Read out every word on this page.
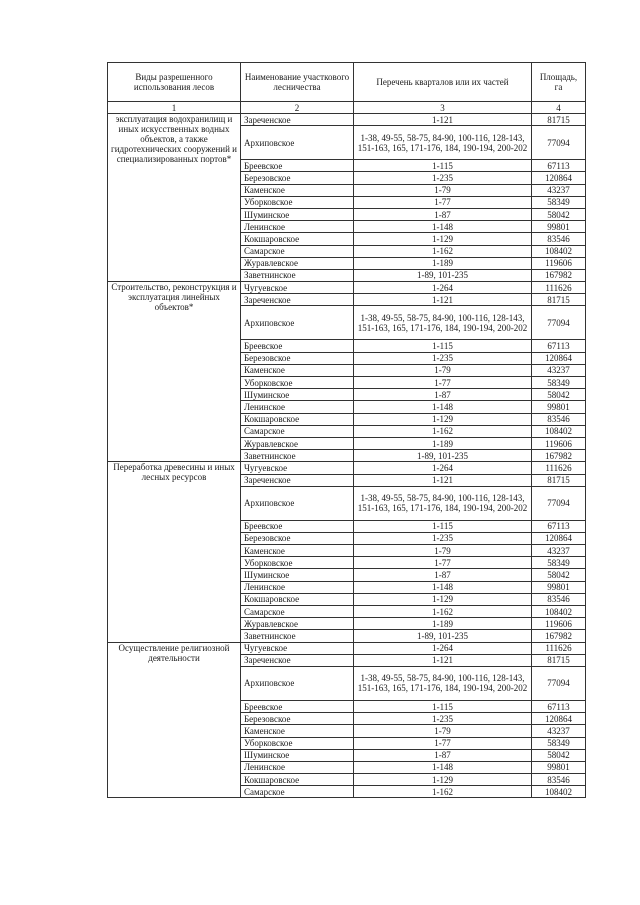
Виды разрешенного использования лесов	Наименование участкового лесничества	Перечень кварталов или их частей	Площадь, га
1	2	3	4
эксплуатация водохранилищ и иных искусственных водных объектов, а также гидротехнических сооружений и специализированных портов*	Зареченское	1-121	81715
	Архиповское	1-38, 49-55, 58-75, 84-90, 100-116, 128-143, 151-163, 165, 171-176, 184, 190-194, 200-202	77094
	Бреевское	1-115	67113
	Березовское	1-235	120864
	Каменское	1-79	43237
	Уборковское	1-77	58349
	Шуминское	1-87	58042
	Ленинское	1-148	99801
	Кокшаровское	1-129	83546
	Самарское	1-162	108402
	Журавлевское	1-189	119606
	Заветнинское	1-89, 101-235	167982
Строительство, реконструкция и эксплуатация линейных объектов*	Чугуевское	1-264	111626
	Зареченское	1-121	81715
	Архиповское	1-38, 49-55, 58-75, 84-90, 100-116, 128-143, 151-163, 165, 171-176, 184, 190-194, 200-202	77094
	Бреевское	1-115	67113
	Березовское	1-235	120864
	Каменское	1-79	43237
	Уборковское	1-77	58349
	Шуминское	1-87	58042
	Ленинское	1-148	99801
	Кокшаровское	1-129	83546
	Самарское	1-162	108402
	Журавлевское	1-189	119606
	Заветнинское	1-89, 101-235	167982
Переработка древесины и иных лесных ресурсов	Чугуевское	1-264	111626
	Зареченское	1-121	81715
	Архиповское	1-38, 49-55, 58-75, 84-90, 100-116, 128-143, 151-163, 165, 171-176, 184, 190-194, 200-202	77094
	Бреевское	1-115	67113
	Березовское	1-235	120864
	Каменское	1-79	43237
	Уборковское	1-77	58349
	Шуминское	1-87	58042
	Ленинское	1-148	99801
	Кокшаровское	1-129	83546
	Самарское	1-162	108402
	Журавлевское	1-189	119606
	Заветнинское	1-89, 101-235	167982
Осуществление религиозной деятельности	Чугуевское	1-264	111626
	Зареченское	1-121	81715
	Архиповское	1-38, 49-55, 58-75, 84-90, 100-116, 128-143, 151-163, 165, 171-176, 184, 190-194, 200-202	77094
	Бреевское	1-115	67113
	Березовское	1-235	120864
	Каменское	1-79	43237
	Уборковское	1-77	58349
	Шуминское	1-87	58042
	Ленинское	1-148	99801
	Кокшаровское	1-129	83546
	Самарское	1-162	108402
